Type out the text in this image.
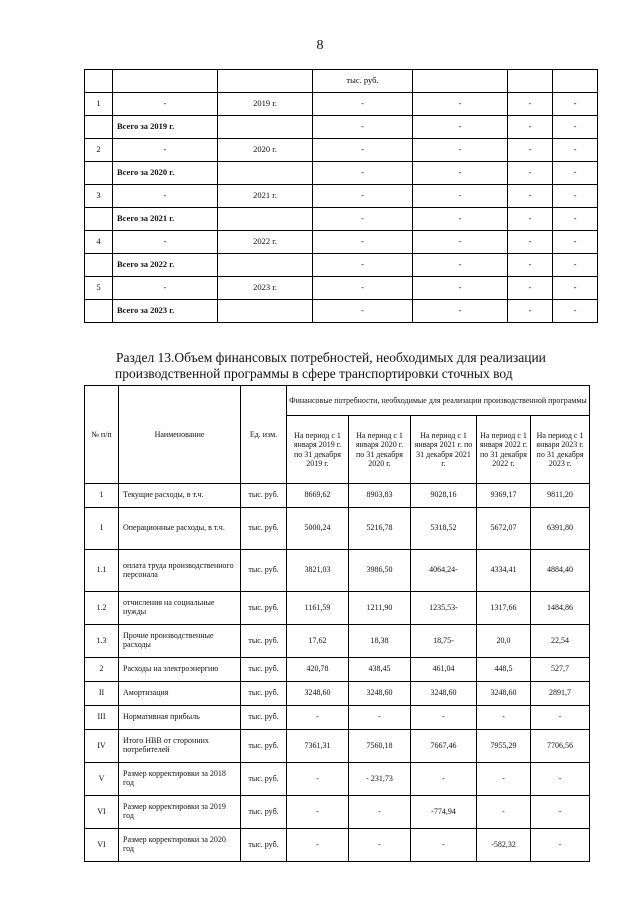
8
			тыс. руб.			
1	-	2019 г.	-	-	-	-
	Всего за 2019 г.		-	-	-	-
2	-	2020 г.	-	-	-	-
	Всего за 2020 г.		-	-	-	-
3	-	2021 г.	-	-	-	-
	Всего за 2021 г.		-	-	-	-
4	-	2022 г.	-	-	-	-
	Всего за 2022 г.		-	-	-	-
5	-	2023 г.	-	-	-	-
	Всего за 2023 г.		-	-	-	-
Раздел 13.Объем финансовых потребностей, необходимых для реализации
производственной программы в сфере транспортировки сточных вод
№ п/п	Наименование	Ед. изм.	Финансовые потребности, необходимые для реализации производственной программы				
			На период с 1 января 2019 г. по 31 декабря 2019 г.	На период с 1 января 2020 г. по 31 декабря 2020 г.	На период с 1 января 2021 г. по 31 декабря 2021 г.	На период с 1 января 2022 г. по 31 декабря 2022 г.	На период с 1 января 2023 г. по 31 декабря 2023 г.
1	Текущие расходы, в т.ч.	тыс. руб.	8669,62	8903,83	9028,16	9369,17	9811,20
I	Операционные расходы, в т.ч.	тыс. руб.	5000,24	5216,78	5318,52	5672,07	6391,80
1.1	оплата труда производственного персонала	тыс. руб.	3821,03	3986,50	4064,24-	4334,41	4884,40
1.2	отчисления на социальные нужды	тыс. руб.	1161,59	1211,90	1235,53-	1317,66	1484,86
1.3	Прочие производственные расходы	тыс. руб.	17,62	18,38	18,75-	20,0	22,54
2	Расходы на электроэнергию	тыс. руб.	420,78	438,45	461,04	448,5	527,7
II	Амортизация	тыс. руб.	3248,60	3248,60	3248,60	3248,60	2891,7
III	Нормативная прибыль	тыс. руб.	-	-	-	-	-
IV	Итого НВВ от сторонних потребителей	тыс. руб.	7361,31	7560,18	7667,46	7955,29	7706,56
V	Размер корректировки за 2018 год	тыс. руб.	-	- 231,73	-	-	-
VI	Размер корректировки за 2019 год	тыс. руб.	-	-	-774,94	-	-
VI	Размер корректировки за 2020 год	тыс. руб.	-	-	-	-582,32	-
